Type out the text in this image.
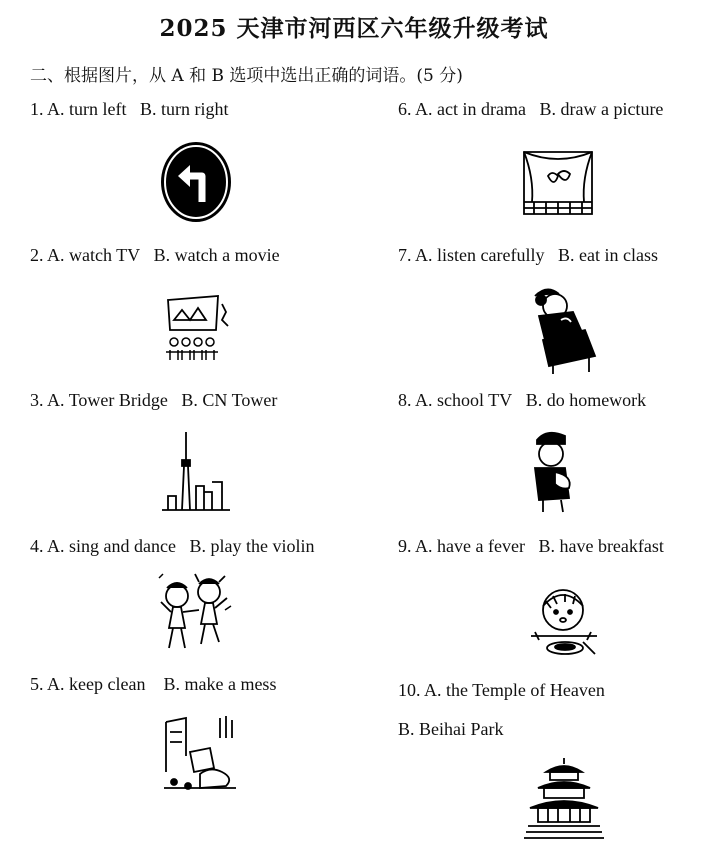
2025 天津市河西区六年级升级考试
二、根据图片，从 A 和 B 选项中选出正确的词语。(5 分)
1. A. turn left B. turn right
2. A. watch TV B. watch a movie
3. A. Tower Bridge B. CN Tower
4. A. sing and dance B. play the violin
5. A. keep clean B. make a mess
6. A. act in drama B. draw a picture
7. A. listen carefully B. eat in class
8. A. school TV B. do homework
9. A. have a fever B. have breakfast
10. A. the Temple of Heaven
B. Beihai Park
